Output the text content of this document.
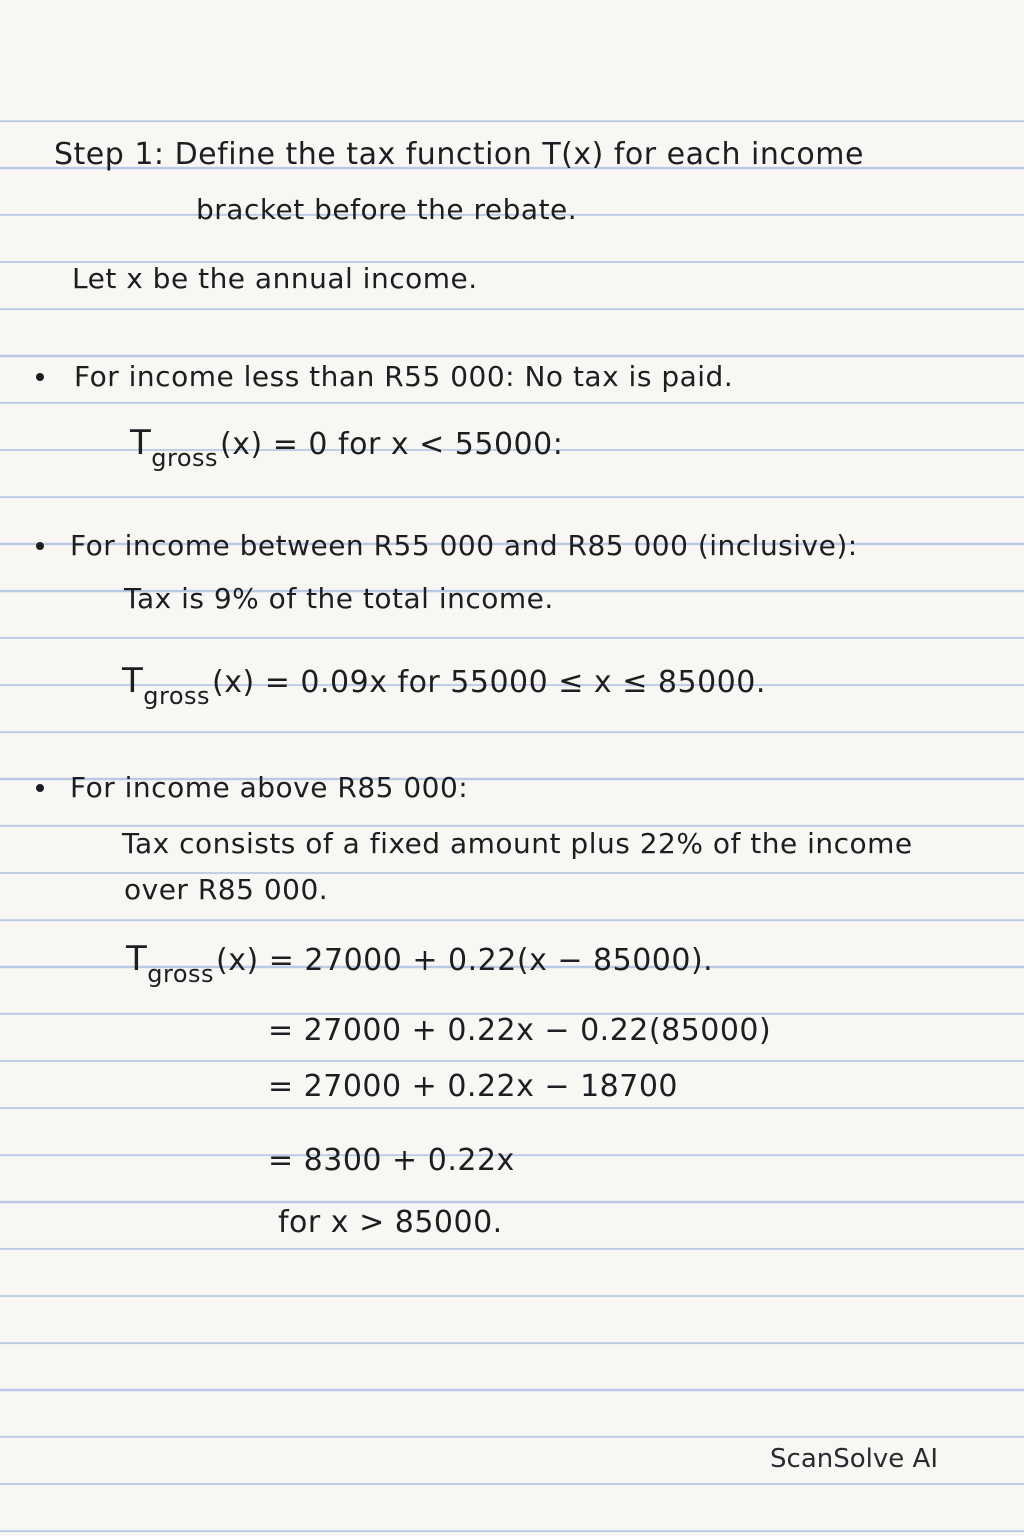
Step 1: Define the tax function T(x) for each income
bracket before the rebate.
Let x be the annual income.
For income less than R55 000: No tax is paid.
T gross (x) = 0 for x < 55000:
For income between R55 000 and R85 000 (inclusive):
Tax is 9% of the total income.
T gross (x) = 0.09x for 55000 ≤ x ≤ 85000.
For income above R85 000:
Tax consists of a fixed amount plus 22% of the income
over R85 000.
T gross (x) = 27000 + 0.22(x − 85000).
= 27000 + 0.22x − 0.22(85000)
= 27000 + 0.22x − 18700
= 8300 + 0.22x
for x > 85000.
ScanSolve AI
